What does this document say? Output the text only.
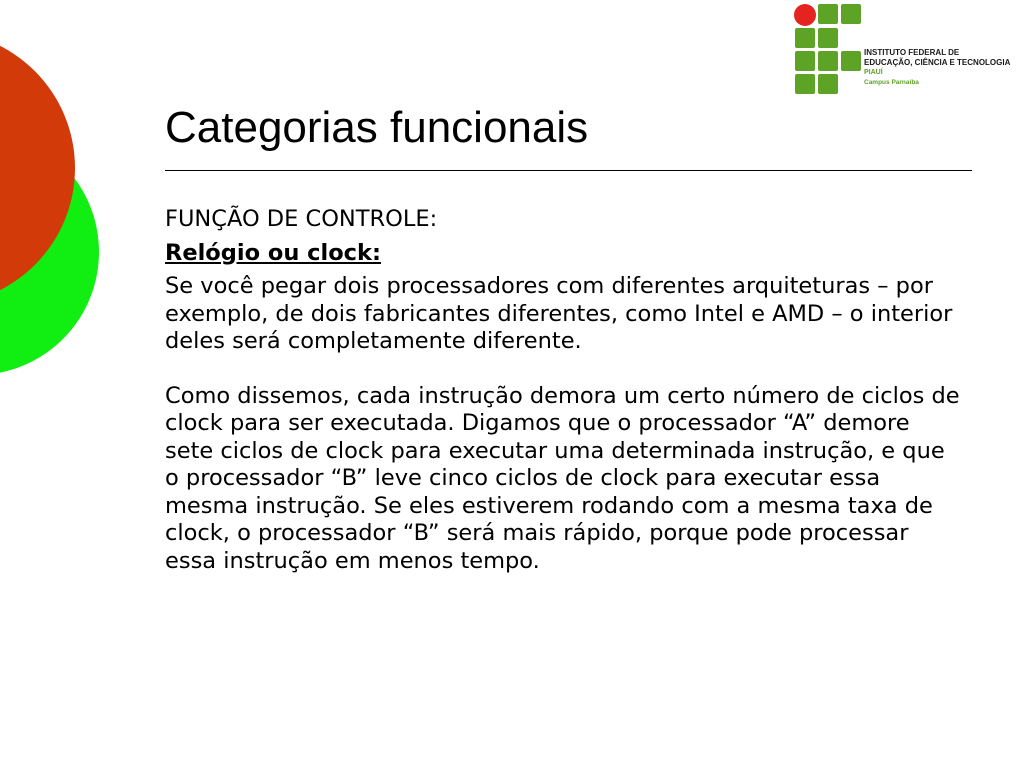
INSTITUTO FEDERAL DE
EDUCAÇÃO, CIÊNCIA E TECNOLOGIA
PIAUÍ
Campus Parnaíba
Categorias funcionais
FUNÇÃO DE CONTROLE:
Relógio ou clock:

Se você pegar dois processadores com diferentes arquiteturas – por exemplo, de dois fabricantes diferentes, como Intel e AMD – o interior deles será completamente diferente.

Como dissemos, cada instrução demora um certo número de ciclos de clock para ser executada. Digamos que o processador “A” demore sete ciclos de clock para executar uma determinada instrução, e que o processador “B” leve cinco ciclos de clock para executar essa mesma instrução. Se eles estiverem rodando com a mesma taxa de clock, o processador “B” será mais rápido, porque pode processar essa instrução em menos tempo.
